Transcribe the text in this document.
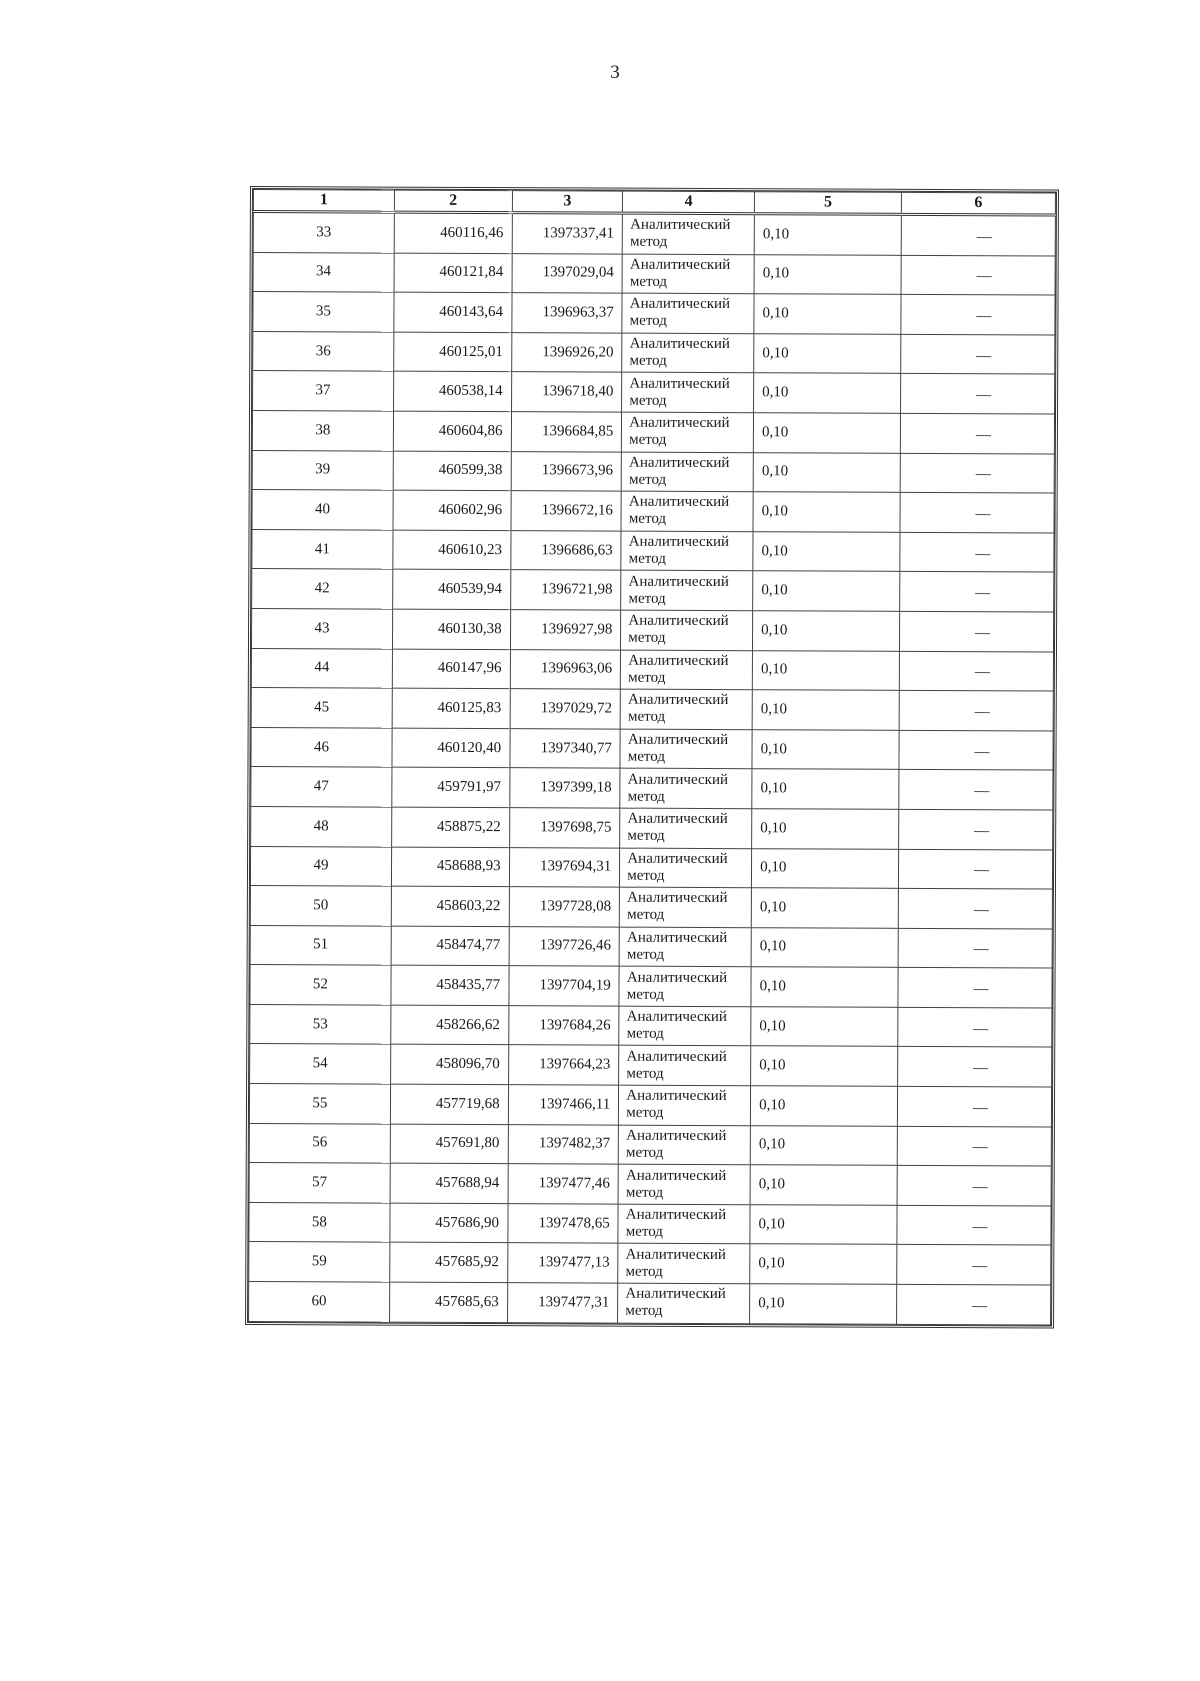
3
1	2	3	4	5	6
33	460116,46	1397337,41	Аналитический
метод	0,10	—
34	460121,84	1397029,04	Аналитический
метод	0,10	—
35	460143,64	1396963,37	Аналитический
метод	0,10	—
36	460125,01	1396926,20	Аналитический
метод	0,10	—
37	460538,14	1396718,40	Аналитический
метод	0,10	—
38	460604,86	1396684,85	Аналитический
метод	0,10	—
39	460599,38	1396673,96	Аналитический
метод	0,10	—
40	460602,96	1396672,16	Аналитический
метод	0,10	—
41	460610,23	1396686,63	Аналитический
метод	0,10	—
42	460539,94	1396721,98	Аналитический
метод	0,10	—
43	460130,38	1396927,98	Аналитический
метод	0,10	—
44	460147,96	1396963,06	Аналитический
метод	0,10	—
45	460125,83	1397029,72	Аналитический
метод	0,10	—
46	460120,40	1397340,77	Аналитический
метод	0,10	—
47	459791,97	1397399,18	Аналитический
метод	0,10	—
48	458875,22	1397698,75	Аналитический
метод	0,10	—
49	458688,93	1397694,31	Аналитический
метод	0,10	—
50	458603,22	1397728,08	Аналитический
метод	0,10	—
51	458474,77	1397726,46	Аналитический
метод	0,10	—
52	458435,77	1397704,19	Аналитический
метод	0,10	—
53	458266,62	1397684,26	Аналитический
метод	0,10	—
54	458096,70	1397664,23	Аналитический
метод	0,10	—
55	457719,68	1397466,11	Аналитический
метод	0,10	—
56	457691,80	1397482,37	Аналитический
метод	0,10	—
57	457688,94	1397477,46	Аналитический
метод	0,10	—
58	457686,90	1397478,65	Аналитический
метод	0,10	—
59	457685,92	1397477,13	Аналитический
метод	0,10	—
60	457685,63	1397477,31	Аналитический
метод	0,10	—
